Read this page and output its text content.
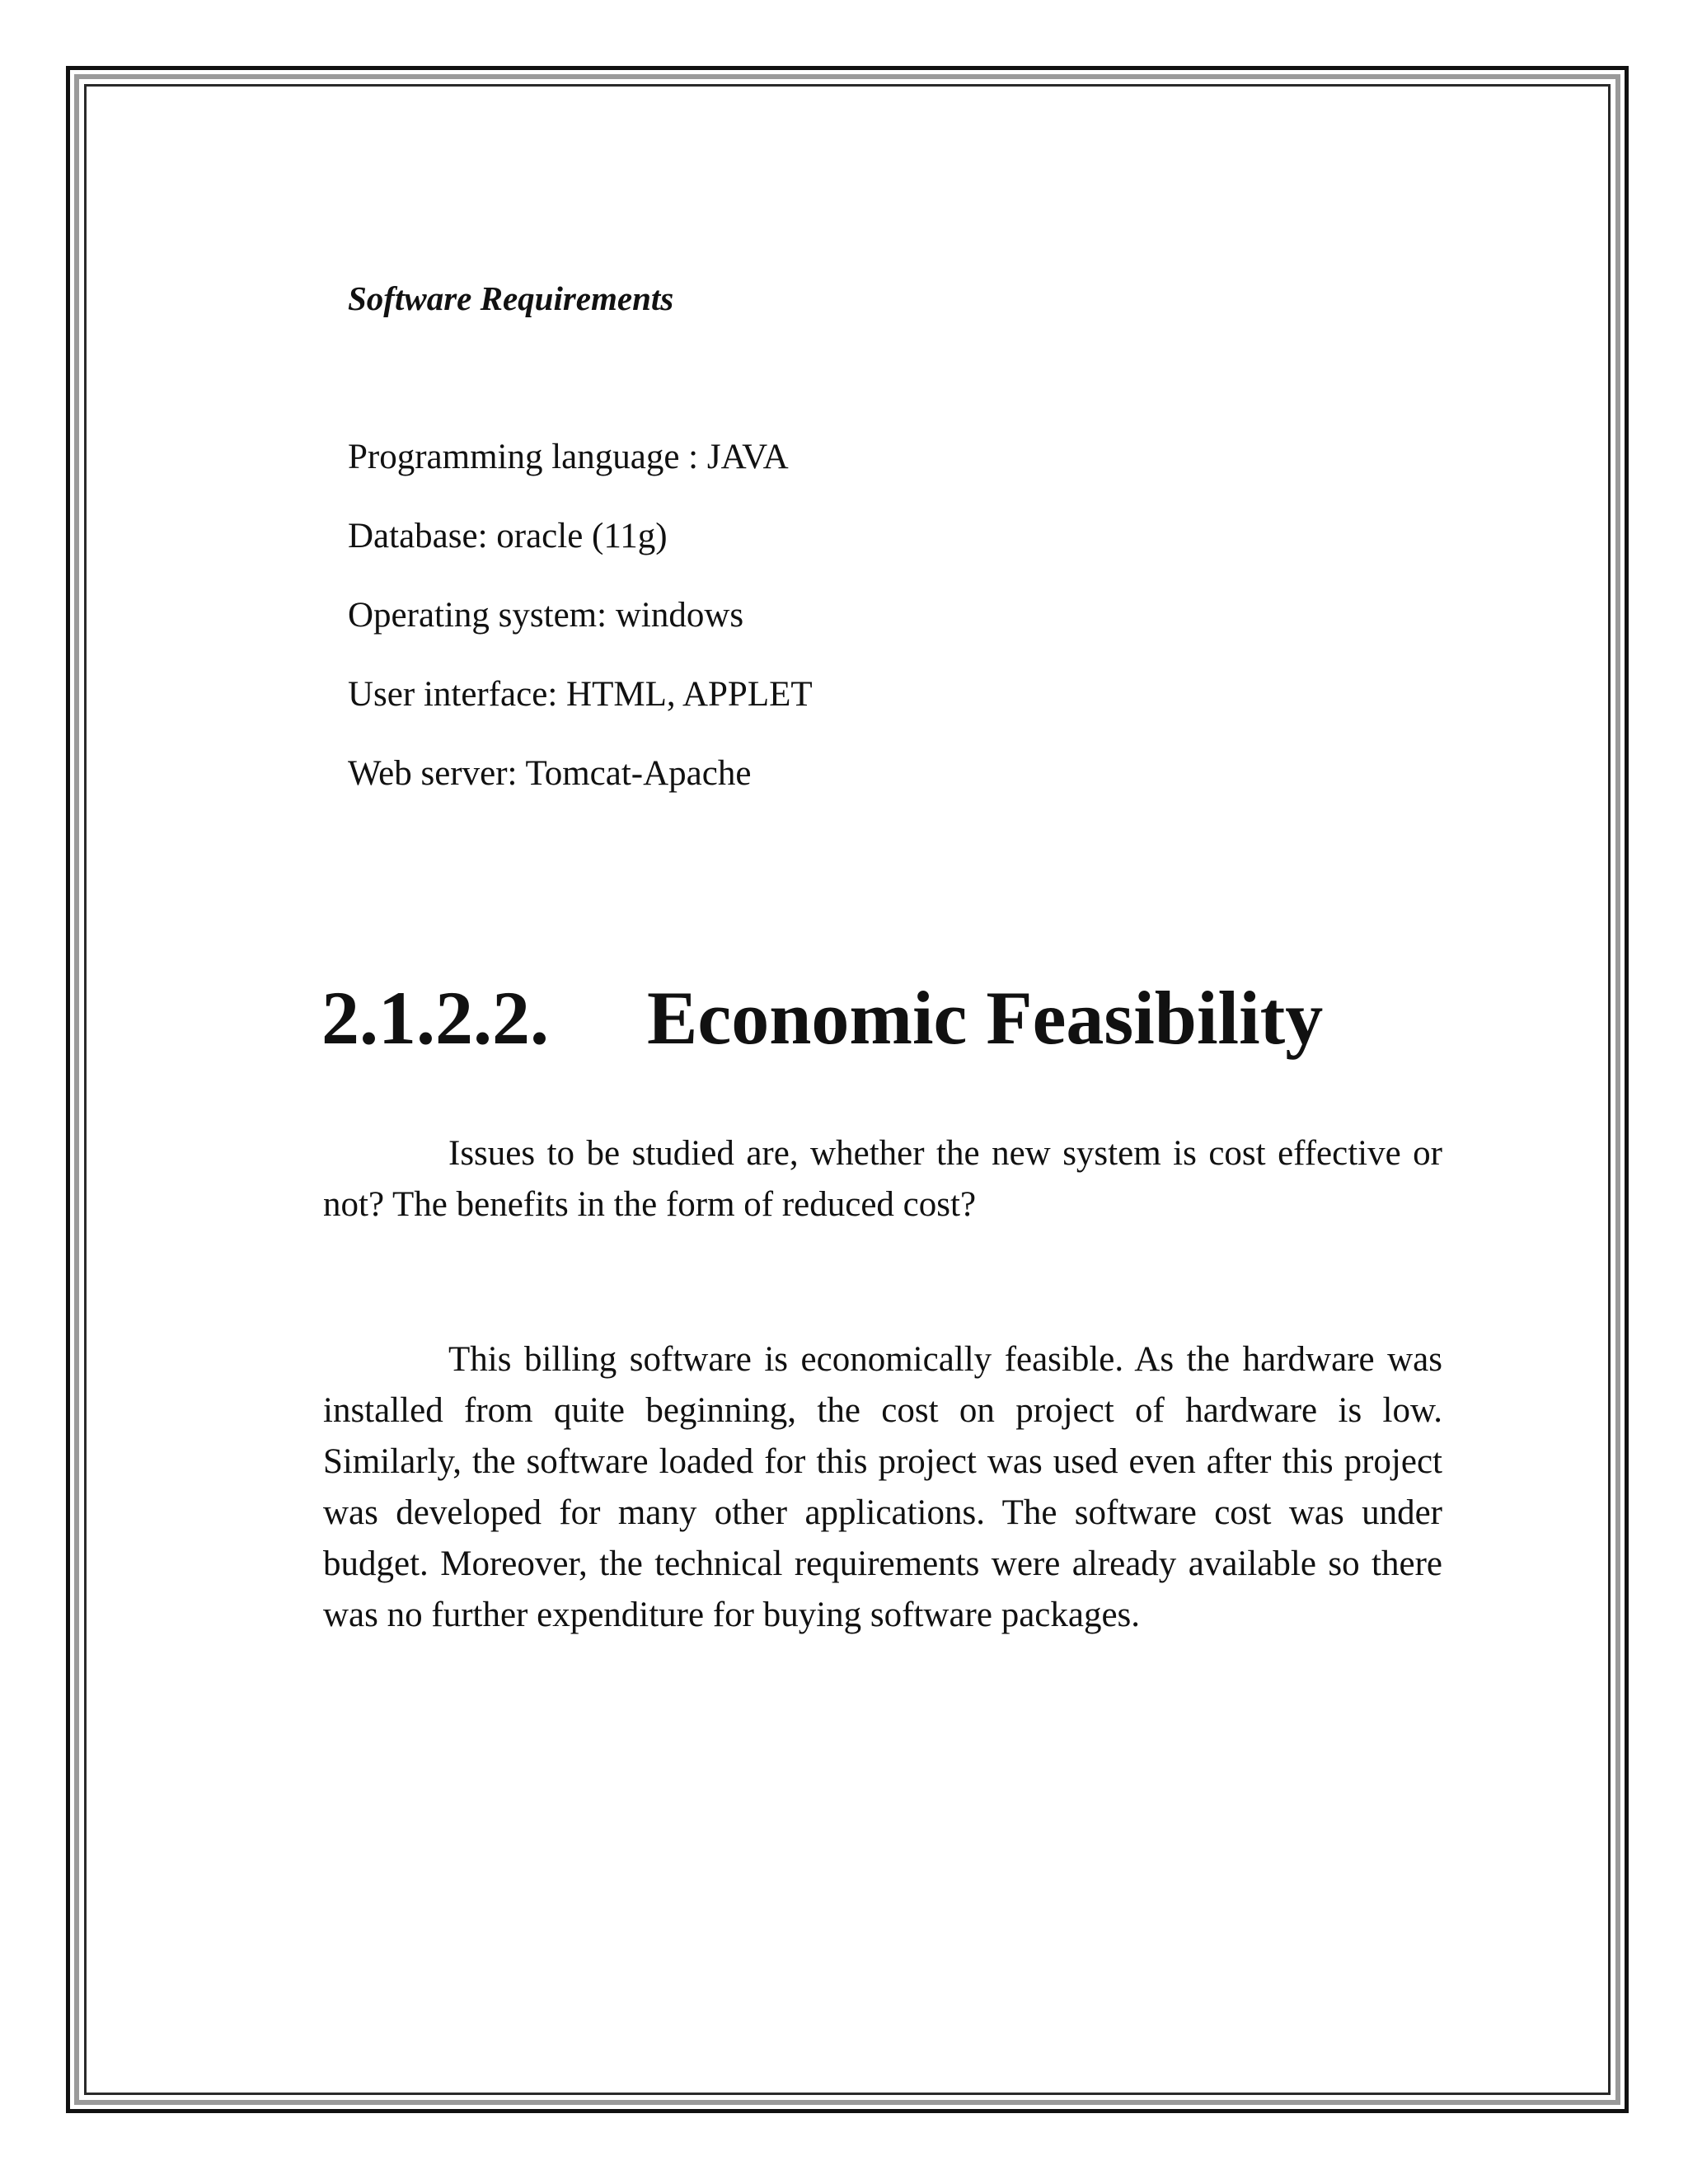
Software Requirements
Programming language : JAVA
Database: oracle (11g)
Operating system: windows
User interface: HTML, APPLET
Web server: Tomcat-Apache
2.1.2.2. Economic Feasibility

Issues to be studied are, whether the new system is cost effective or not? The benefits in the form of reduced cost?

This billing software is economically feasible. As the hardware was installed from quite beginning, the cost on project of hardware is low. Similarly, the software loaded for this project was used even after this project was developed for many other applications. The software cost was under budget. Moreover, the technical requirements were already available so there was no further expenditure for buying software packages.
